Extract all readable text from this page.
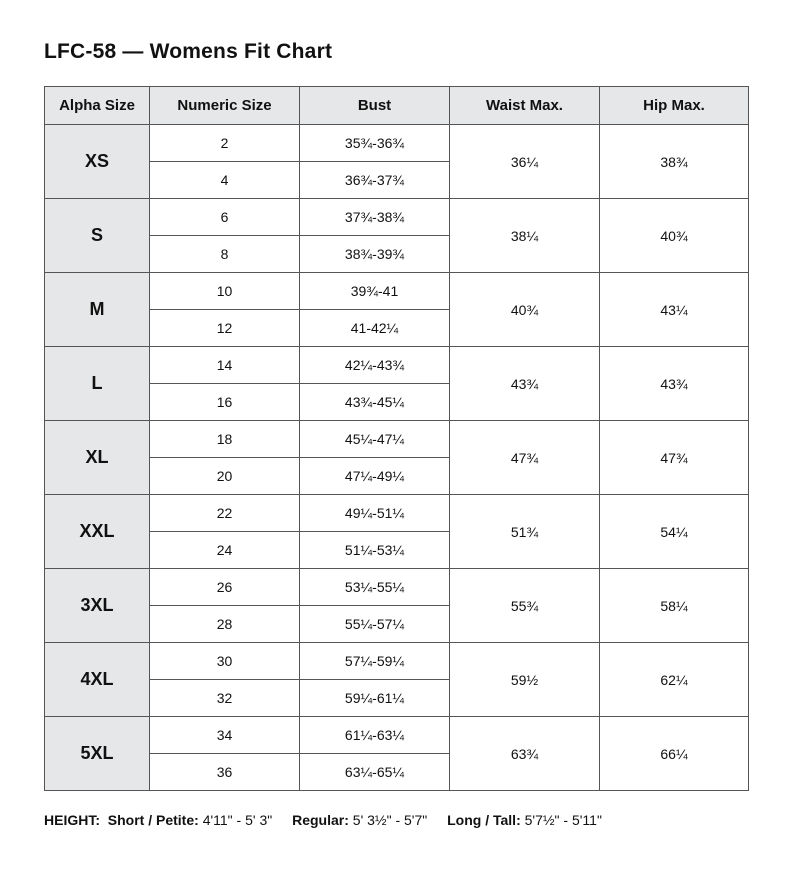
LFC-58 — Womens Fit Chart
Alpha Size	Numeric Size	Bust	Waist Max.	Hip Max.
XS	2	35¾-36¾	36¼	38¾
	4	36¾-37¾		
S	6	37¾-38¾	38¼	40¾
	8	38¾-39¾		
M	10	39¾-41	40¾	43¼
	12	41-42¼		
L	14	42¼-43¾	43¾	43¾
	16	43¾-45¼		
XL	18	45¼-47¼	47¾	47¾
	20	47¼-49¼		
XXL	22	49¼-51¼	51¾	54¼
	24	51¼-53¼		
3XL	26	53¼-55¼	55¾	58¼
	28	55¼-57¼		
4XL	30	57¼-59¼	59½	62¼
	32	59¼-61¼		
5XL	34	61¼-63¼	63¾	66¼
	36	63¼-65¼		
HEIGHT: Short / Petite: 4'11" - 5' 3" Regular: 5' 3½" - 5'7" Long / Tall: 5'7½" - 5'11"
